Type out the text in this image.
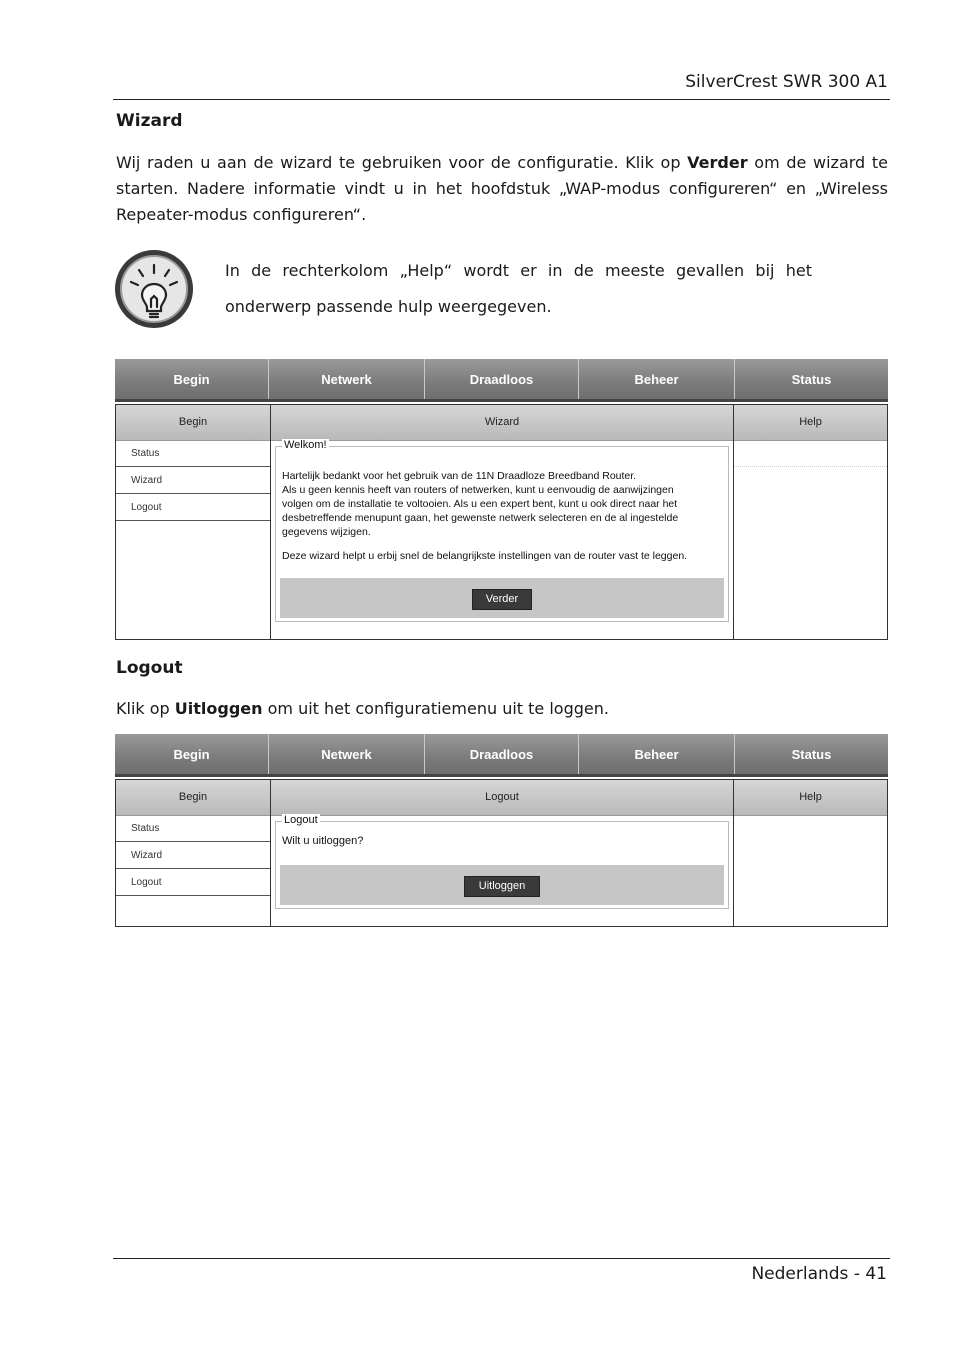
SilverCrest SWR 300 A1
Wizard
Wij raden u aan de wizard te gebruiken voor de configuratie. Klik op Verder om de wizard te starten. Nadere informatie vindt u in het hoofdstuk „WAP-modus configureren“ en „Wireless Repeater-modus configureren“.
In de rechterkolom „Help“ wordt er in de meeste gevallen bij het onderwerp passende hulp weergegeven.
Begin	Netwerk	Draadloos	Beheer	Status
Begin
Status
Wizard
Logout
Wizard
Welkom!
Hartelijk bedankt voor het gebruik van de 11N Draadloze Breedband Router.
Als u geen kennis heeft van routers of netwerken, kunt u eenvoudig de aanwijzingen
volgen om de installatie te voltooien. Als u een expert bent, kunt u ook direct naar het
desbetreffende menupunt gaan, het gewenste netwerk selecteren en de al ingestelde
gegevens wijzigen.
Deze wizard helpt u erbij snel de belangrijkste instellingen van de router vast te leggen.
Verder
Help
Logout
Klik op Uitloggen om uit het configuratiemenu uit te loggen.
Begin	Netwerk	Draadloos	Beheer	Status
Begin
Status
Wizard
Logout
Logout
Logout
Wilt u uitloggen?
Uitloggen
Help
Nederlands - 41
